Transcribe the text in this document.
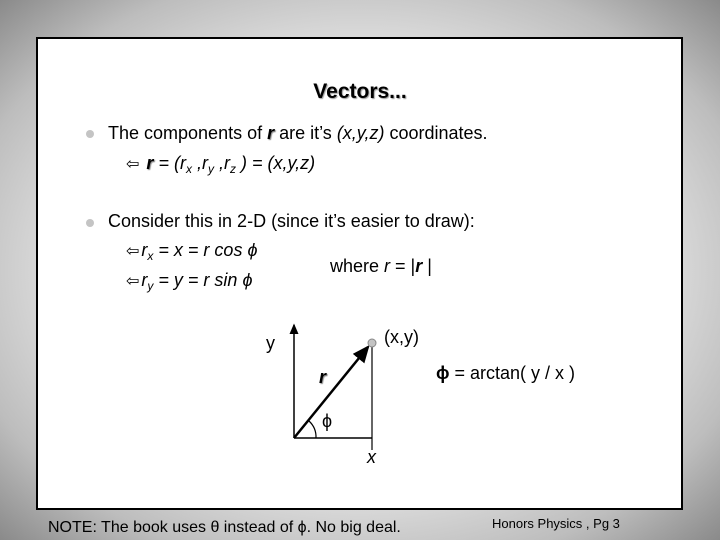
Vectors...
The components of r are it’s (x,y,z) coordinates.
⇦ $r = (r_x$ $,r_y$ $,r_z$ ) = (x,y,z)
Consider this in 2-D (since it’s easier to draw):
⇦ $r_x = x = r$ cos ϕ
where r = |r |
⇦ $r_y = y = r$ sin ϕ
y	(x,y)
r
ϕ
x
ϕ = arctan( y / x )
NOTE: The book uses θ instead of ϕ. No big deal.	Honors Physics , Pg 3
